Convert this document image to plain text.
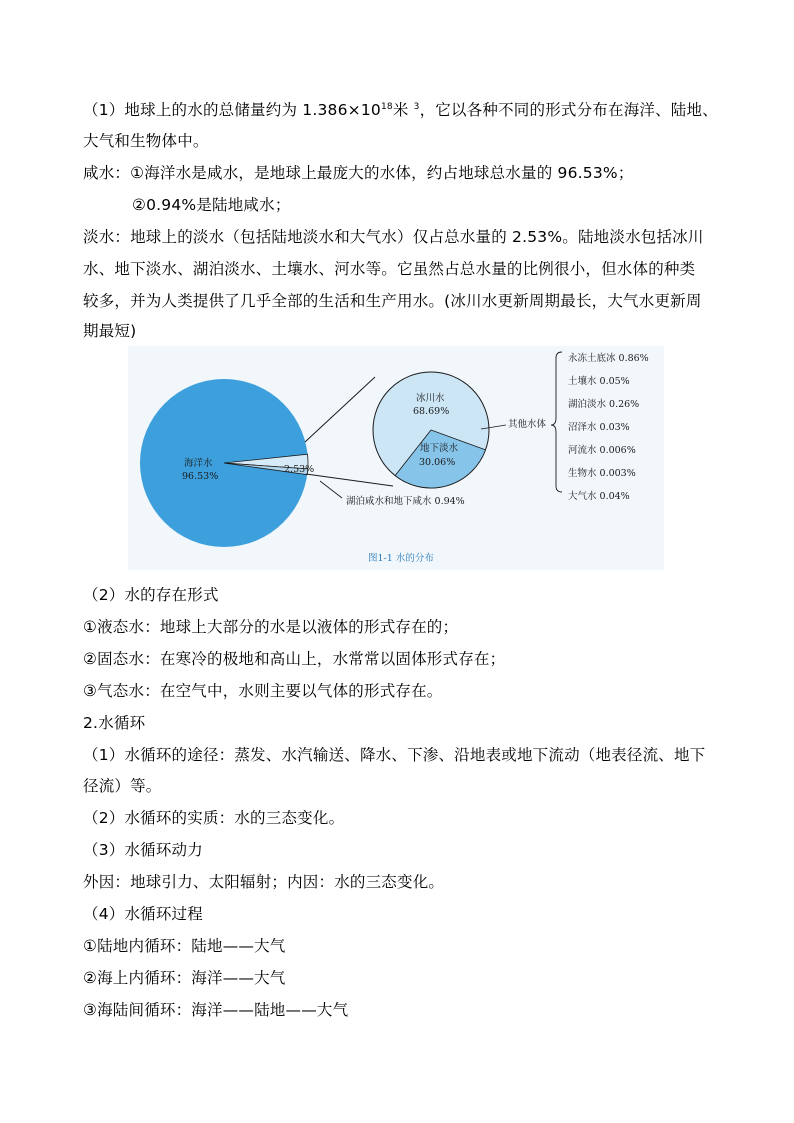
（1）地球上的水的总储量约为 $1.386\times 10^{18}$米 $^3$，它以各种不同的形式分布在海洋、陆地、
大气和生物体中。
咸水：①海洋水是咸水，是地球上最庞大的水体，约占地球总水量的 96.53%；
②0.94%是陆地咸水；
淡水：地球上的淡水（包括陆地淡水和大气水）仅占总水量的 2.53%。陆地淡水包括冰川
水、地下淡水、湖泊淡水、土壤水、河水等。它虽然占总水量的比例很小，但水体的种类
较多，并为人类提供了几乎全部的生活和生产用水。(冰川水更新周期最长，大气水更新周
期最短)
海洋水
96.53%
2.53%
湖泊咸水和地下咸水 0.94%
冰川水
68.69%
地下淡水
30.06%
其他水体
永冻土底冰 0.86%
土壤水 0.05%
湖泊淡水 0.26%
沼泽水 0.03%
河流水 0.006%
生物水 0.003%
大气水 0.04%
图1-1 水的分布
（2）水的存在形式
①液态水：地球上大部分的水是以液体的形式存在的；
②固态水：在寒冷的极地和高山上，水常常以固体形式存在；
③气态水：在空气中，水则主要以气体的形式存在。
2.水循环
（1）水循环的途径：蒸发、水汽输送、降水、下渗、沿地表或地下流动（地表径流、地下
径流）等。
（2）水循环的实质：水的三态变化。
（3）水循环动力
外因：地球引力、太阳辐射；内因：水的三态变化。
（4）水循环过程
①陆地内循环：陆地——大气
②海上内循环：海洋——大气
③海陆间循环：海洋——陆地——大气
